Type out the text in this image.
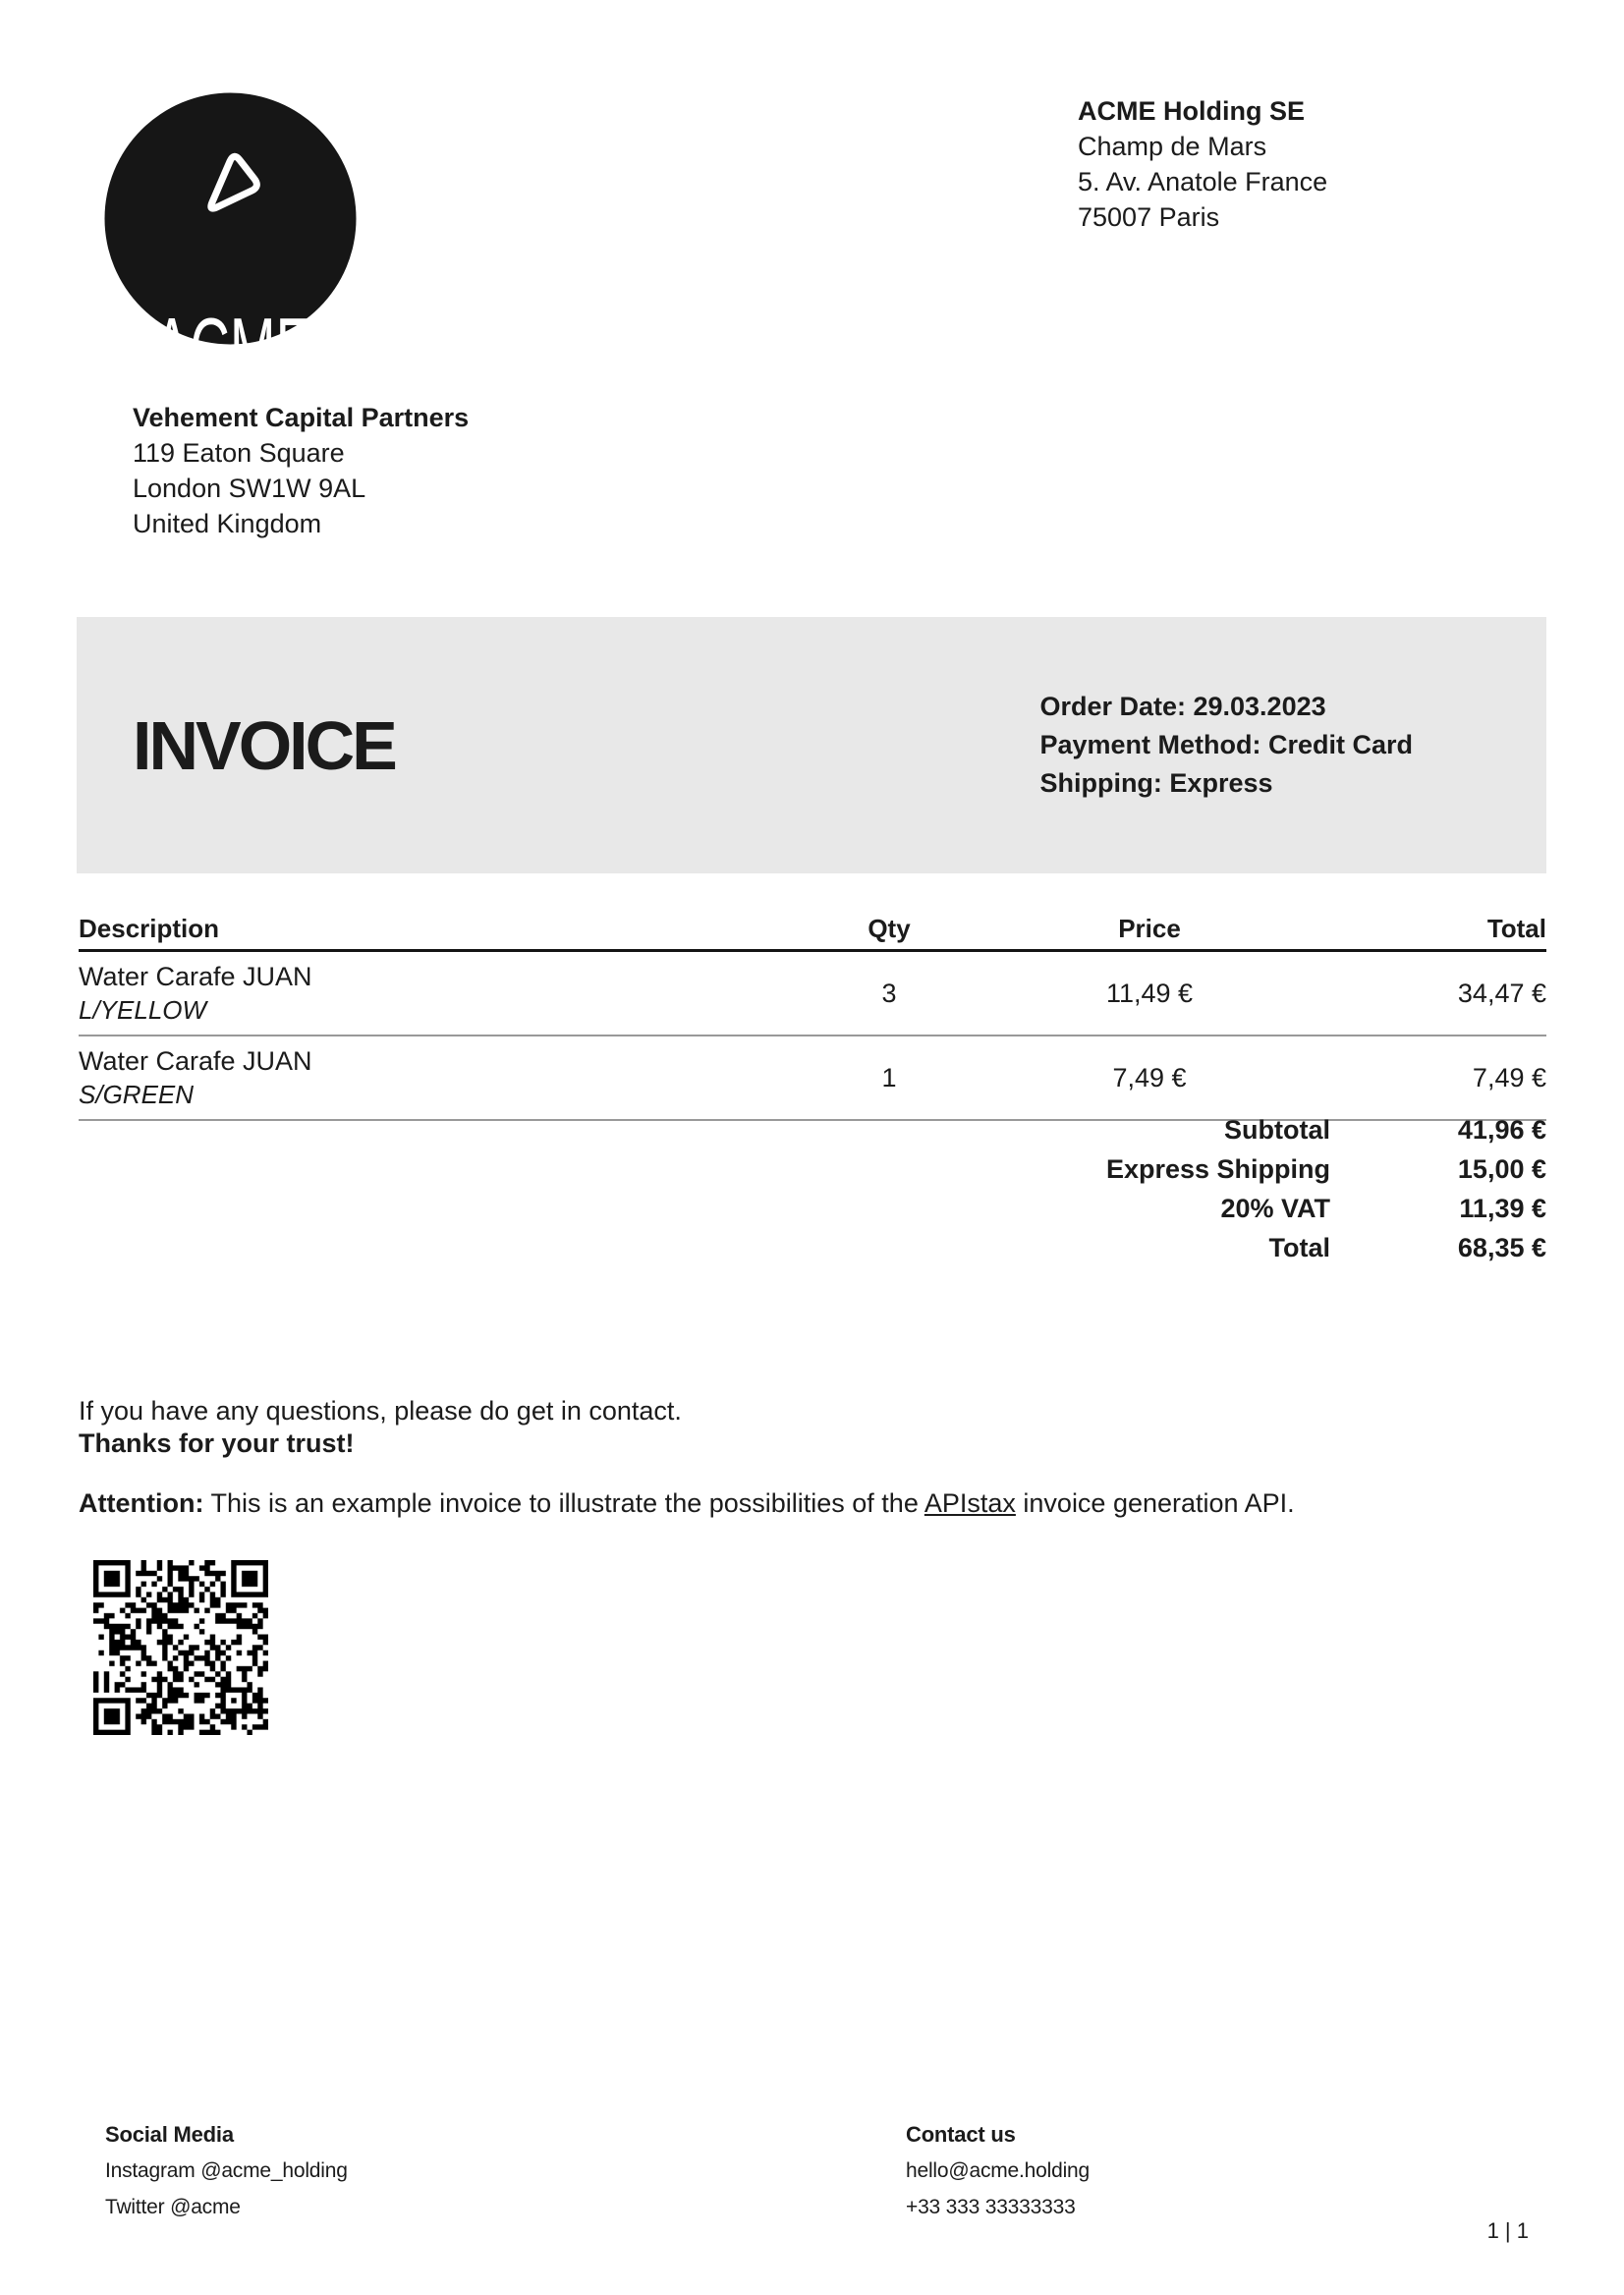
ACME
ACME Holding SE
Champ de Mars
5. Av. Anatole France
75007 Paris
Vehement Capital Partners
119 Eaton Square
London SW1W 9AL
United Kingdom
INVOICE
Order Date: 29.03.2023
Payment Method: Credit Card
Shipping: Express
Description	Qty	Price	Total
Water Carafe JUAN
L/YELLOW
3	11,49 €	34,47 €
Water Carafe JUAN
S/GREEN
1	7,49 €	7,49 €
Subtotal	41,96 €
Express Shipping	15,00 €
20% VAT	11,39 €
Total	68,35 €
If you have any questions, please do get in contact.
Thanks for your trust!
Attention: This is an example invoice to illustrate the possibilities of the APIstax invoice generation API.
Social Media
Instagram @acme_holding
Twitter @acme
Contact us
hello@acme.holding
+33 333 33333333
1 | 1
